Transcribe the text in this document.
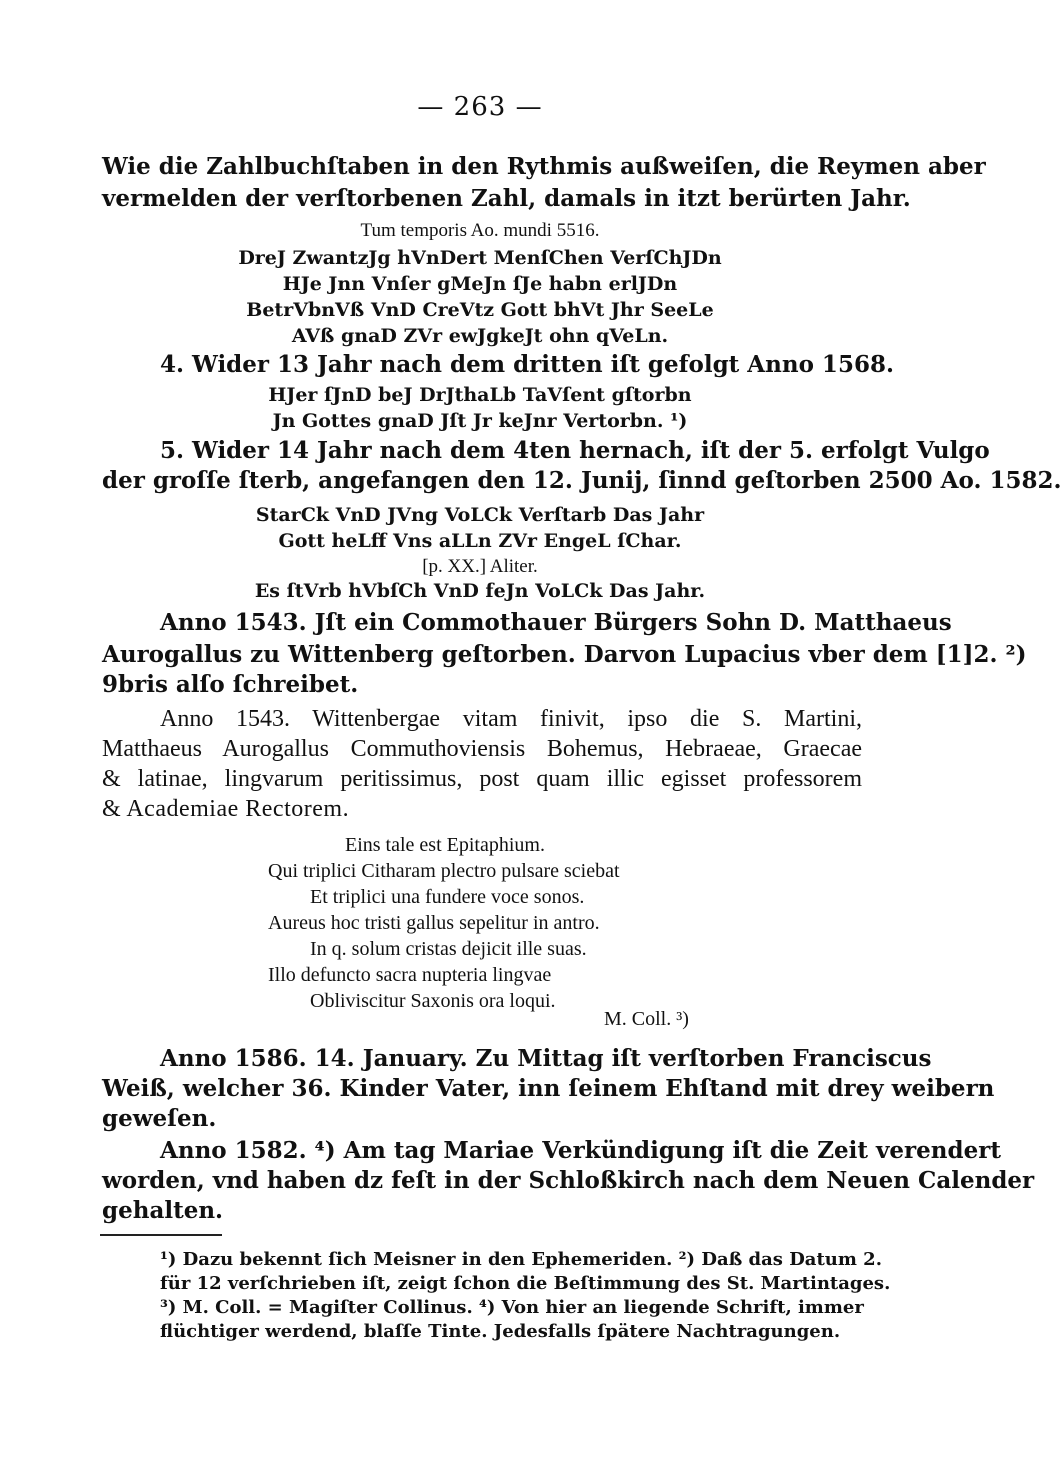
— 263 —
Wie die Zahlbuchſtaben in den Rythmis außweiſen, die Reymen aber
vermelden der verſtorbenen Zahl, damals in itzt berürten Jahr.
Tum temporis Ao. mundi 5516.
DreJ ZwantzJg hVnDert MenſChen VerſChJDn
HJe Jnn Vnſer gMeJn ſJe habn erlJDn
BetrVbnVß VnD CreVtz Gott bhVt Jhr SeeLe
AVß gnaD ZVr ewJgkeJt ohn qVeLn.
4. Wider 13 Jahr nach dem dritten iſt gefolgt Anno 1568.
HJer ſJnD beJ DrJthaLb TaVſent gſtorbn
Jn Gottes gnaD Jſt Jr keJnr Vertorbn. ¹)
5. Wider 14 Jahr nach dem 4ten hernach, iſt der 5. erfolgt Vulgo
der groſſe ſterb, angefangen den 12. Junij, ſinnd geſtorben 2500 Ao. 1582.
StarCk VnD JVng VoLCk Verſtarb Das Jahr
Gott heLff Vns aLLn ZVr EngeL ſChar.
[p. XX.] Aliter.
Es ſtVrb hVbſCh VnD feJn VoLCk Das Jahr.
Anno 1543. Jſt ein Commothauer Bürgers Sohn D. Matthaeus
Aurogallus zu Wittenberg geſtorben. Darvon Lupacius vber dem [1]2. ²)
9bris alſo ſchreibet.
Anno 1543. Wittenbergae vitam finivit, ipso die S. Martini,
Matthaeus Aurogallus Commuthoviensis Bohemus, Hebraeae, Graecae
& latinae, lingvarum peritissimus, post quam illic egisset professorem
& Academiae Rectorem.
Eins tale est Epitaphium.
Qui triplici Citharam plectro pulsare sciebat
Et triplici una fundere voce sonos.
Aureus hoc tristi gallus sepelitur in antro.
In q. solum cristas dejicit ille suas.
Illo defuncto sacra nupteria lingvae
Obliviscitur Saxonis ora loqui.
M. Coll. ³)
Anno 1586. 14. January. Zu Mittag iſt verſtorben Franciscus
Weiß, welcher 36. Kinder Vater, inn ſeinem Ehſtand mit drey weibern
geweſen.
Anno 1582. ⁴) Am tag Mariae Verkündigung iſt die Zeit verendert
worden, vnd haben dz feſt in der Schloßkirch nach dem Neuen Calender
gehalten.
¹) Dazu bekennt ſich Meisner in den Ephemeriden. ²) Daß das Datum 2.
für 12 verſchrieben iſt, zeigt ſchon die Beſtimmung des St. Martintages.
³) M. Coll. = Magiſter Collinus. ⁴) Von hier an liegende Schrift, immer
flüchtiger werdend, blaſſe Tinte. Jedesfalls ſpätere Nachtragungen.
